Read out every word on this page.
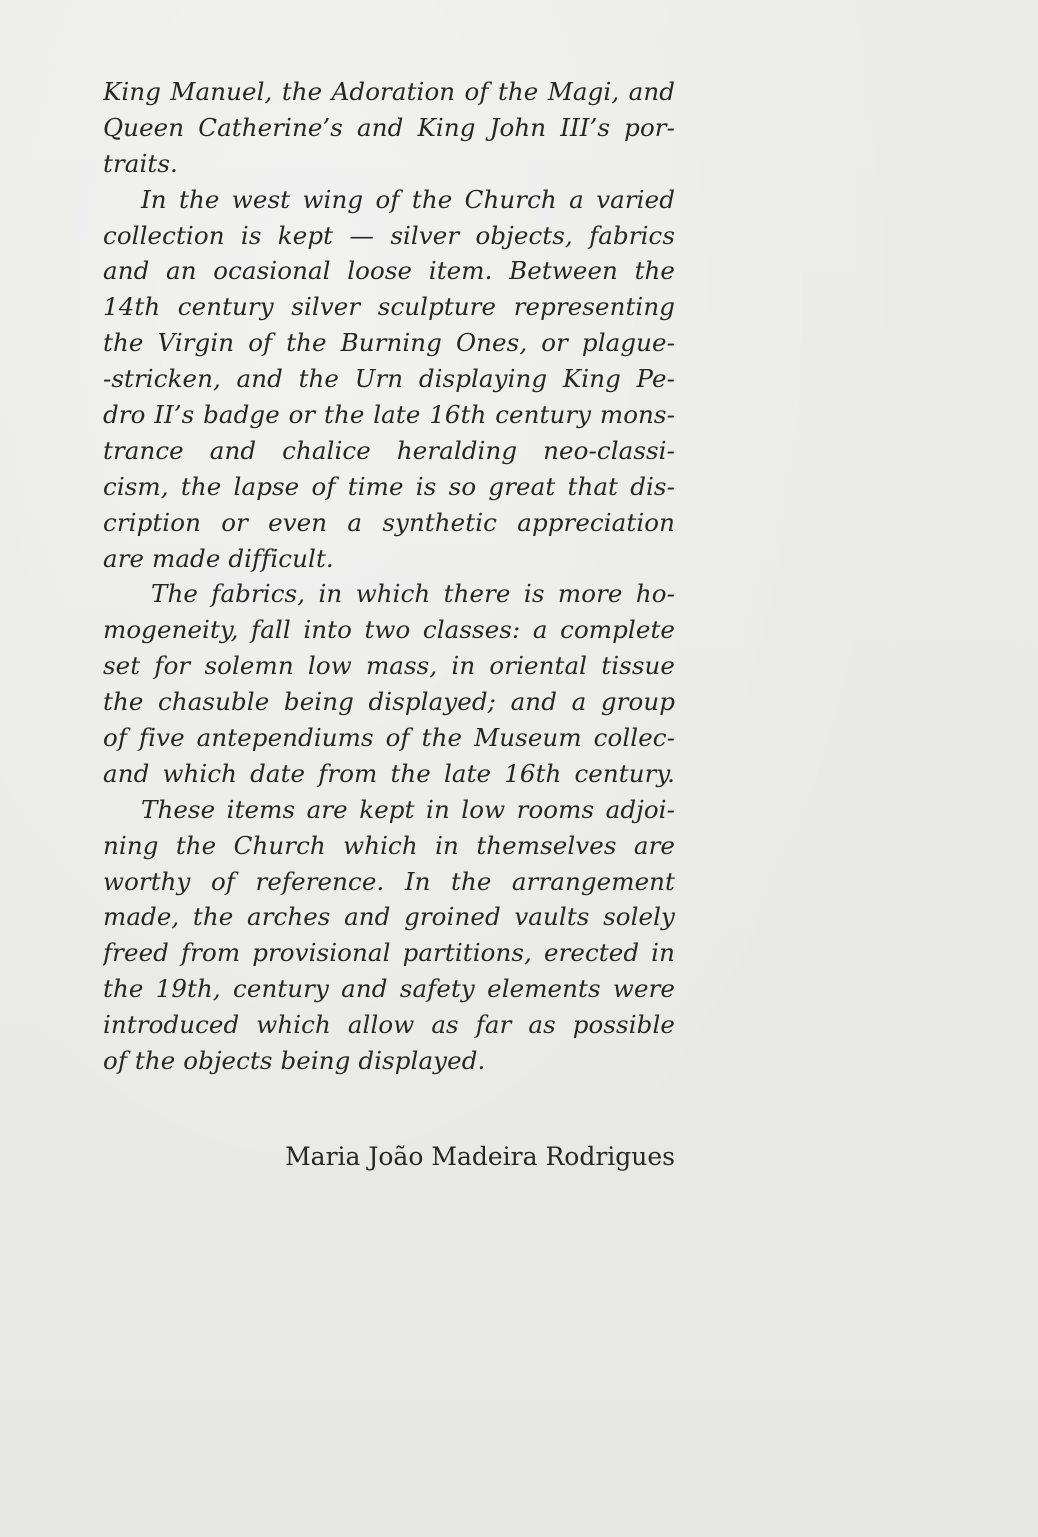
King Manuel, the Adoration of the Magi, and
Queen Catherine’s and King John III’s por-
traits.
In the west wing of the Church a varied
collection is kept — silver objects, fabrics
and an ocasional loose item. Between the
14th century silver sculpture representing
the Virgin of the Burning Ones, or plague-
-stricken, and the Urn displaying King Pe-
dro II’s badge or the late 16th century mons-
trance and chalice heralding neo-classi-
cism, the lapse of time is so great that dis-
cription or even a synthetic appreciation
are made difficult.
The fabrics, in which there is more ho-
mogeneity, fall into two classes: a complete
set for solemn low mass, in oriental tissue
the chasuble being displayed; and a group
of five antependiums of the Museum collec-
and which date from the late 16th century.
These items are kept in low rooms adjoi-
ning the Church which in themselves are
worthy of reference. In the arrangement
made, the arches and groined vaults solely
freed from provisional partitions, erected in
the 19th, century and safety elements were
introduced which allow as far as possible
of the objects being displayed.
Maria João Madeira Rodrigues
